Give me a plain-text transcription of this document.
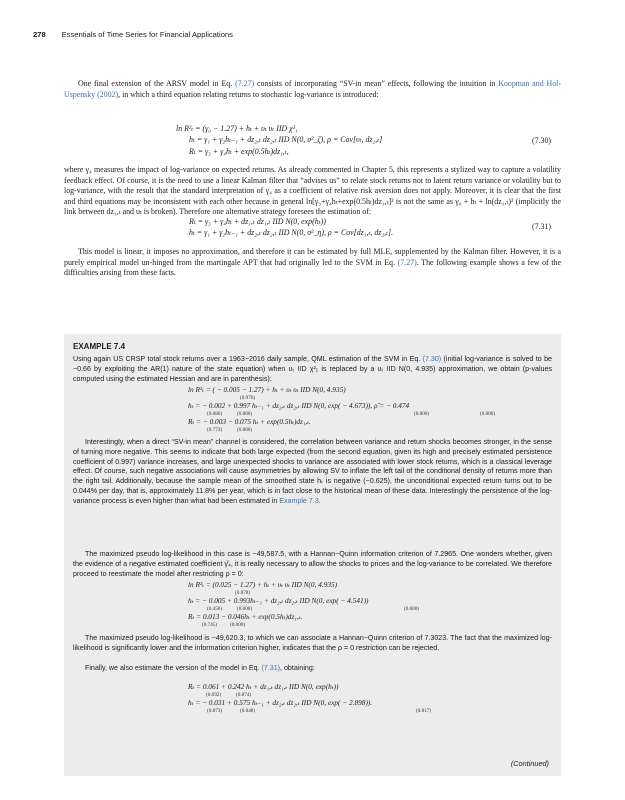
278 Essentials of Time Series for Financial Applications

One final extension of the ARSV model in Eq. (7.27) consists of incorporating “SV-in mean” effects, following the intuition in Koopman and Hol-Uspensky (2002), in which a third equation relating returns to stochastic log-variance is introduced:

ln R²ₜ = (γ₀ − 1.27) + hₜ + υₜ υₜ IID χ²₁
hₜ = γ₁ + γ₂hₜ₋₁ + dz₂,ₜ dz₂,ₜ IID N(0, σ²_ζ), ρ = Cov[υₜ, dz₂,ₜ]
Rₜ = γ₃ + γ₄hₜ + exp(0.5hₜ)dz₁,ₜ,
(7.30)

where γ₄ measures the impact of log-variance on expected returns. As already commented in Chapter 5, this represents a stylized way to capture a volatility feedback effect. Of course, it is the need to use a linear Kalman filter that “advises us” to relate stock returns not to latent return variance or volatility but to log-variance, with the result that the standard interpretation of γ₄ as a coefficient of relative risk aversion does not apply. Moreover, it is clear that the first and third equations may be inconsistent with each other because in general ln[γ₃+γ₄hₜ+exp(0.5hₜ)dz₁,ₜ]² is not the same as γ₀ + hₜ + ln(dz₁,ₜ)² (implicitly the link between dz₁,ₜ and υₜ is broken). Therefore one alternative strategy foresees the estimation of:

Rₜ = γ₃ + γ₄hₜ + dz₁,ₜ dz₁,ₜ IID N(0, exp(hₜ))
hₜ = γ₁ + γ₂hₜ₋₁ + dz₂,ₜ dz₂,ₜ IID N(0, σ²_η), ρ = Cov[dz₁,ₜ, dz₂,ₜ].
(7.31)

This model is linear, it imposes no approximation, and therefore it can be estimated by full MLE, supplemented by the Kalman filter. However, it is a purely empirical model un-hinged from the martingale APT that had originally led to the SVM in Eq. (7.27). The following example shows a few of the difficulties arising from these facts.

EXAMPLE 7.4

Using again US CRSP total stock returns over a 1963−2016 daily sample, QML estimation of the SVM in Eq. (7.30) (initial log-variance is solved to be −0.66 by exploiting the AR(1) nature of the state equation) when υₜ IID χ²₁ is replaced by a υₜ IID N(0, 4.935) approximation, we obtain (p-values computed using the estimated Hessian and are in parenthesis):

ln R²ₜ = ( − 0.005 − 1.27) + hₜ + υₜ υₜ IID N(0, 4.935)
(0.976)
hₜ = − 0.002 + 0.997 hₜ₋₁ + dz₂,ₜ dz₂,ₜ IID N(0, exp( − 4.673)), ρ̂ = − 0.474
(0.086)	(0.000)	(0.000)	(0.000)
Rₜ = − 0.003 − 0.075 hₜ + exp(0.5hₜ)dz₁,ₜ.
(0.773)	(0.000)

Interestingly, when a direct “SV-in mean” channel is considered, the correlation between variance and return shocks becomes stronger, in the sense of turning more negative. This seems to indicate that both large expected (from the second equation, given its high and precisely estimated persistence coefficient of 0.997) variance increases, and large unexpected shocks to variance are associated with lower stock returns, which is a classical leverage effect. Of course, such negative associations will cause asymmetries by allowing SV to inflate the left tail of the conditional density of returns more than the right tail. Additionally, because the sample mean of the smoothed state hₜ is negative (−0.625), the unconditional expected return turns out to be 0.044% per day, that is, approximately 11.8% per year, which is in fact close to the historical mean of these data. Interestingly the persistence of the log-variance process is even higher than what had been estimated in Example 7.3.

The maximized pseudo log-likelihood in this case is −49,587.5, with a Hannan−Quinn information criterion of 7.2965. One wonders whether, given the evidence of a negative estimated coefficient γ̂₄, it is really necessary to allow the shocks to prices and the log-variance to be correlated. We therefore proceed to reestimate the model after restricting ρ = 0:

ln R²ₜ = (0.025 − 1.27) + hₜ + υₜ υₜ IID N(0, 4.935)
(0.878)
hₜ = − 0.005 + 0.993hₜ₋₁ + dz₂,ₜ dz₂,ₜ IID N(0, exp( − 4.541))
(0.456)	(0.000)	(0.000)
Rₜ = 0.013 − 0.046hₜ + exp(0.5hₜ)dz₁,ₜ.
(0.745) (0.000)

The maximized pseudo log-likelihood is −49,620.3, to which we can associate a Hannan−Quinn criterion of 7.3023. The fact that the maximized log-likelihood is significantly lower and the information criterion higher, indicates that the ρ = 0 restriction can be rejected.

Finally, we also estimate the version of the model in Eq. (7.31), obtaining:

Rₜ = 0.061 + 0.242 hₜ + dz₁,ₜ dz₁,ₜ IID N(0, exp(hₜ))
(0.692)	(0.874)
hₜ = − 0.031 + 0.575 hₜ₋₁ + dz₂,ₜ dz₂,ₜ IID N(0, exp( − 2.898)).
(0.873)	(0.048)	(0.817)
(Continued)
